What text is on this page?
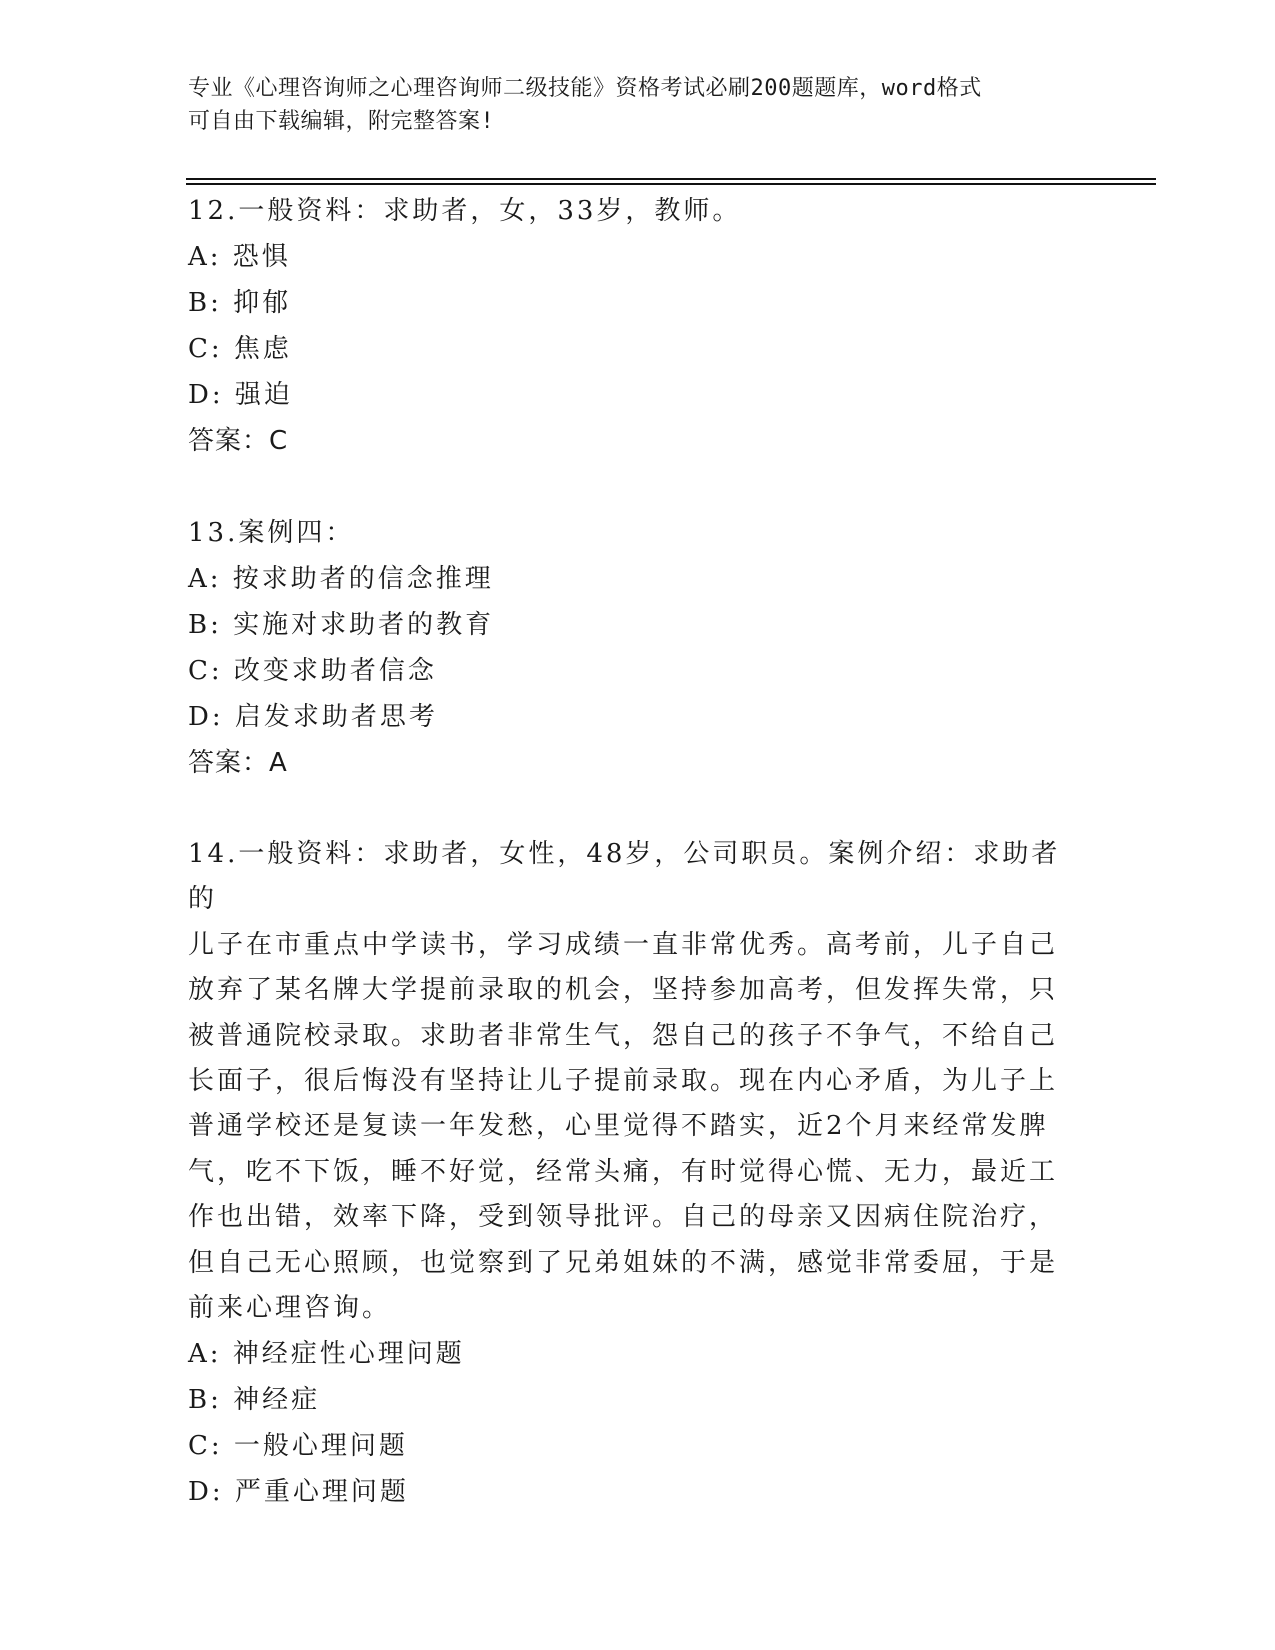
专业《心理咨询师之心理咨询师二级技能》资格考试必刷200题题库，word格式
可自由下载编辑，附完整答案!

12.一般资料：求助者，女，33岁，教师。

A: 恐惧

B: 抑郁

C: 焦虑

D: 强迫

答案：C

13.案例四：

A: 按求助者的信念推理

B: 实施对求助者的教育

C: 改变求助者信念

D: 启发求助者思考

答案：A

14.一般资料：求助者，女性，48岁，公司职员。案例介绍：求助者的

儿子在市重点中学读书，学习成绩一直非常优秀。高考前，儿子自己

放弃了某名牌大学提前录取的机会，坚持参加高考，但发挥失常，只

被普通院校录取。求助者非常生气，怨自己的孩子不争气，不给自己

长面子，很后悔没有坚持让儿子提前录取。现在内心矛盾，为儿子上

普通学校还是复读一年发愁，心里觉得不踏实，近2个月来经常发脾

气，吃不下饭，睡不好觉，经常头痛，有时觉得心慌、无力，最近工

作也出错，效率下降，受到领导批评。自己的母亲又因病住院治疗，

但自己无心照顾，也觉察到了兄弟姐妹的不满，感觉非常委屈，于是

前来心理咨询。

A: 神经症性心理问题

B: 神经症

C: 一般心理问题

D: 严重心理问题
